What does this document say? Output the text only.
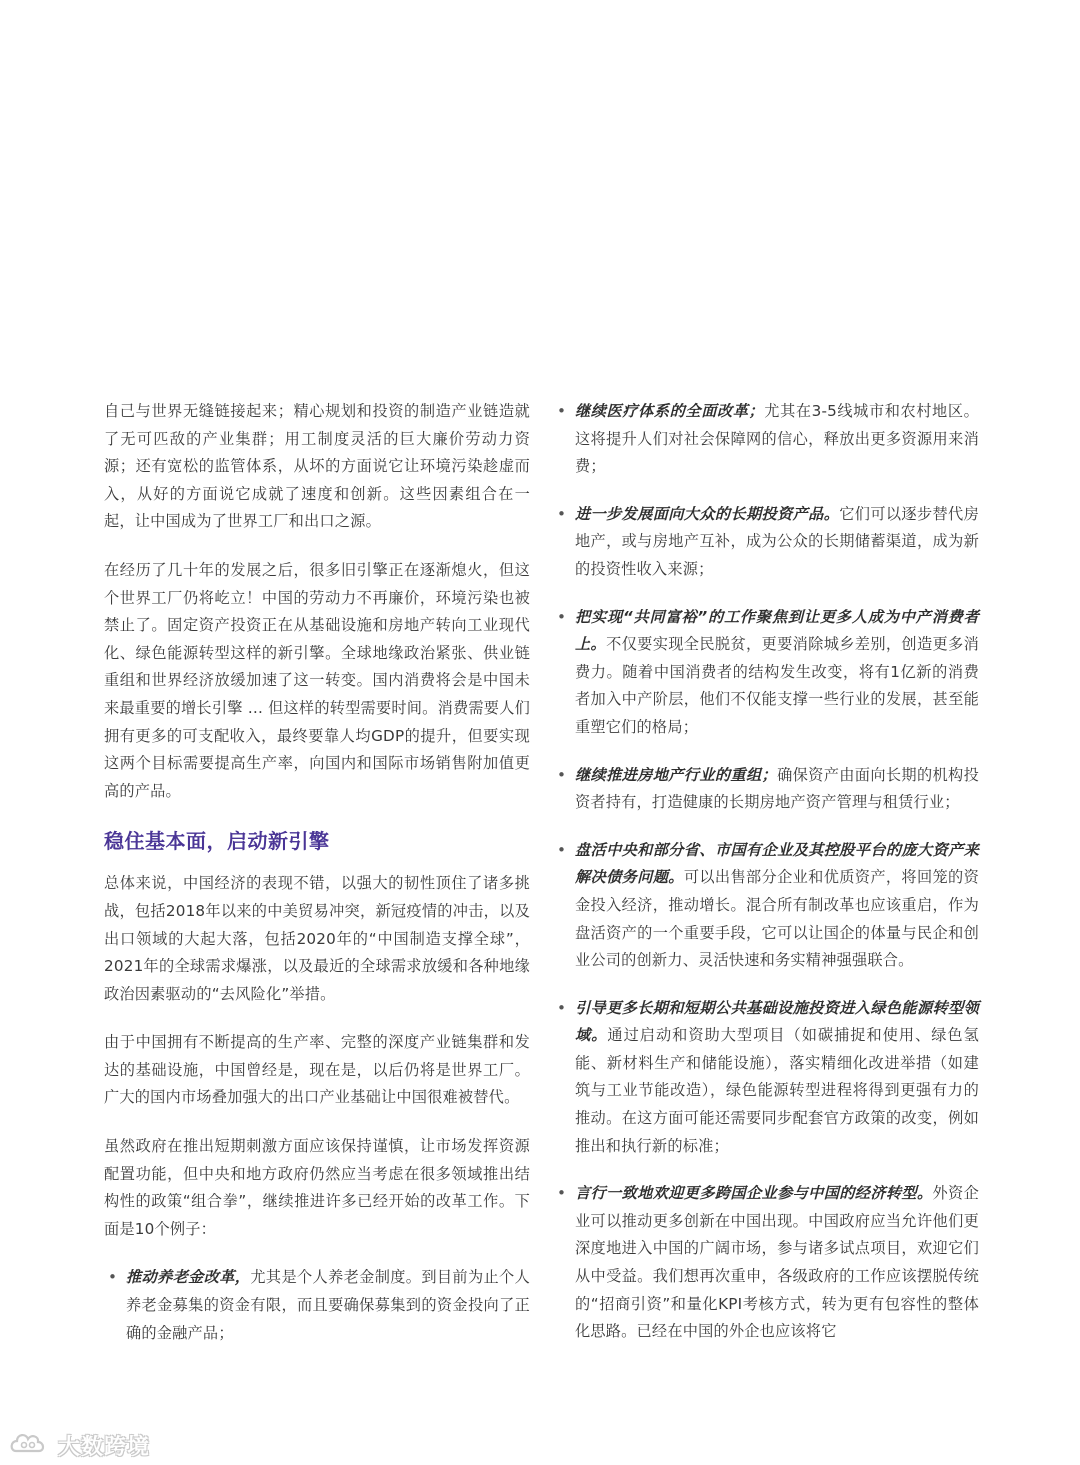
自己与世界无缝链接起来；精心规划和投资的制造产业链造就了无可匹敌的产业集群；用工制度灵活的巨大廉价劳动力资源；还有宽松的监管体系，从坏的方面说它让环境污染趁虚而入，从好的方面说它成就了速度和创新。这些因素组合在一起，让中国成为了世界工厂和出口之源。

在经历了几十年的发展之后，很多旧引擎正在逐渐熄火，但这个世界工厂仍将屹立！中国的劳动力不再廉价，环境污染也被禁止了。固定资产投资正在从基础设施和房地产转向工业现代化、绿色能源转型这样的新引擎。全球地缘政治紧张、供业链重组和世界经济放缓加速了这一转变。国内消费将会是中国未来最重要的增长引擎 … 但这样的转型需要时间。消费需要人们拥有更多的可支配收入，最终要靠人均GDP的提升，但要实现这两个目标需要提高生产率，向国内和国际市场销售附加值更高的产品。

稳住基本面，启动新引擎

总体来说，中国经济的表现不错，以强大的韧性顶住了诸多挑战，包括2018年以来的中美贸易冲突，新冠疫情的冲击，以及出口领域的大起大落，包括2020年的“中国制造支撑全球”，2021年的全球需求爆涨，以及最近的全球需求放缓和各种地缘政治因素驱动的“去风险化”举措。

由于中国拥有不断提高的生产率、完整的深度产业链集群和发达的基础设施，中国曾经是，现在是，以后仍将是世界工厂。广大的国内市场叠加强大的出口产业基础让中国很难被替代。

虽然政府在推出短期刺激方面应该保持谨慎，让市场发挥资源配置功能，但中央和地方政府仍然应当考虑在很多领域推出结构性的政策“组合拳”，继续推进许多已经开始的改革工作。下面是10个例子：

• 推动养老金改革，尤其是个人养老金制度。到目前为止个人养老金募集的资金有限，而且要确保募集到的资金投向了正确的金融产品；
• 继续医疗体系的全面改革；尤其在3-5线城市和农村地区。这将提升人们对社会保障网的信心，释放出更多资源用来消费；
• 进一步发展面向大众的长期投资产品。它们可以逐步替代房地产，或与房地产互补，成为公众的长期储蓄渠道，成为新的投资性收入来源；
• 把实现“共同富裕”的工作聚焦到让更多人成为中产消费者上。不仅要实现全民脱贫，更要消除城乡差别，创造更多消费力。随着中国消费者的结构发生改变，将有1亿新的消费者加入中产阶层，他们不仅能支撑一些行业的发展，甚至能重塑它们的格局；
• 继续推进房地产行业的重组；确保资产由面向长期的机构投资者持有，打造健康的长期房地产资产管理与租赁行业；
• 盘活中央和部分省、市国有企业及其控股平台的庞大资产来解决债务问题。可以出售部分企业和优质资产，将回笼的资金投入经济，推动增长。混合所有制改革也应该重启，作为盘活资产的一个重要手段，它可以让国企的体量与民企和创业公司的创新力、灵活快速和务实精神强强联合。
• 引导更多长期和短期公共基础设施投资进入绿色能源转型领域。通过启动和资助大型项目（如碳捕捉和使用、绿色氢能、新材料生产和储能设施），落实精细化改进举措（如建筑与工业节能改造），绿色能源转型进程将得到更强有力的推动。在这方面可能还需要同步配套官方政策的改变，例如推出和执行新的标准；
• 言行一致地欢迎更多跨国企业参与中国的经济转型。外资企业可以推动更多创新在中国出现。中国政府应当允许他们更深度地进入中国的广阔市场，参与诸多试点项目，欢迎它们从中受益。我们想再次重申，各级政府的工作应该摆脱传统的“招商引资”和量化KPI考核方式，转为更有包容性的整体化思路。已经在中国的外企也应该将它
大数跨境
